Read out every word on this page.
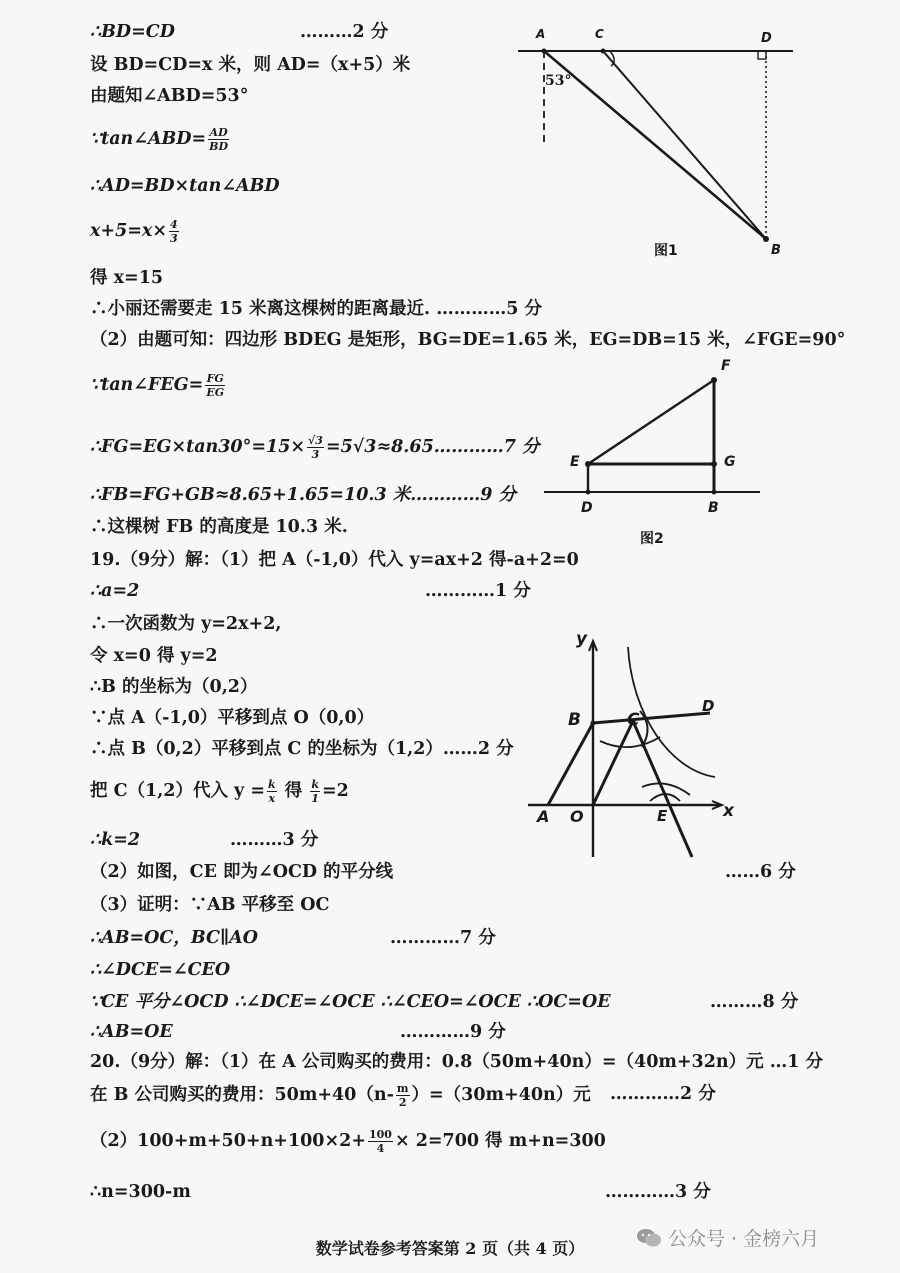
∴BD=CD	………2 分
设 BD=CD=x 米，则 AD=（x+5）米
由题知∠ABD=53°
∵tan∠ABD= $\frac{AD}{BD}$
∴AD=BD×tan∠ABD
$x+5=x\times \frac{4}{3}$
得 x=15
∴小丽还需要走 15 米离这棵树的距离最近. …………5 分
（2）由题可知：四边形 BDEG 是矩形，BG=DE=1.65 米，EG=DB=15 米，∠FGE=90°
∵tan∠FEG= $\frac{FG}{EG}$
∴FG=EG×tan30°=15× $\frac{√3}{3}$ =5√3≈8.65…………7 分
∴FB=FG+GB≈8.65+1.65=10.3 米…………9 分
∴这棵树 FB 的高度是 10.3 米.
19.（9分）解：（1）把 A（-1,0）代入 y=ax+2 得-a+2=0
∴a=2	…………1 分
∴一次函数为 y=2x+2,
令 x=0 得 y=2
∴B 的坐标为（0,2）
∵点 A（-1,0）平移到点 O（0,0）
∴点 B（0,2）平移到点 C 的坐标为（1,2）……2 分
把 C（1,2）代入 $y = \frac{k}{x}$ 得 $\frac{k}{1} =2$
∴k=2	………3 分
（2）如图，CE 即为∠OCD 的平分线	……6 分
（3）证明：∵AB 平移至 OC
∴AB=OC，BC∥AO	…………7 分
∴∠DCE=∠CEO
∵CE 平分∠OCD ∴∠DCE=∠OCE ∴∠CEO=∠OCE ∴OC=OE	………8 分
∴AB=OE	…………9 分
20.（9分）解：（1）在 A 公司购买的费用：0.8（50m+40n）=（40m+32n）元 …1 分
在 B 公司购买的费用：$50m+40(n- \frac{m}{2} )=(30m+40n)$元 …………2 分
$(2)100+m+50+n+100\times 2+ \frac{100}{4} \times 2=700$ 得 m+n=300
∴n=300-m	…………3 分
A	C	D
B
53°
图1
F
E	G
D	B
图2
y
x
B	C
D
A O	E
数学试卷参考答案第 2 页（共 4 页）	公众号 · 金榜六月
